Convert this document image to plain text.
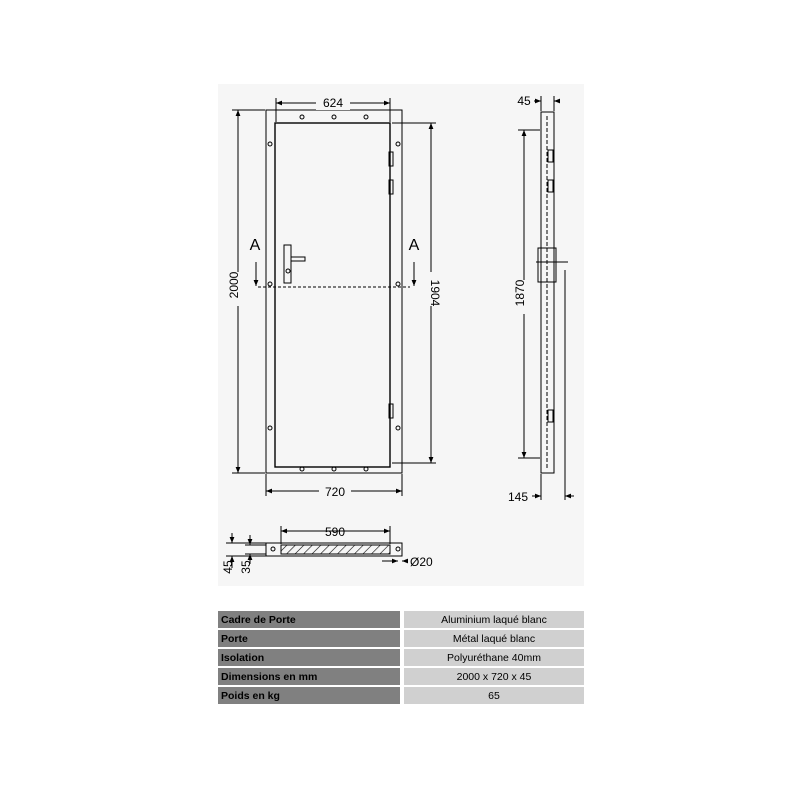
624
720
2000	1904
A	A
45
1870
145
590
45 35	Ø20
Cadre de Porte		Aluminium laqué blanc
Porte		Métal laqué blanc
Isolation		Polyuréthane 40mm
Dimensions en mm		2000 x 720 x 45
Poids en kg		65
